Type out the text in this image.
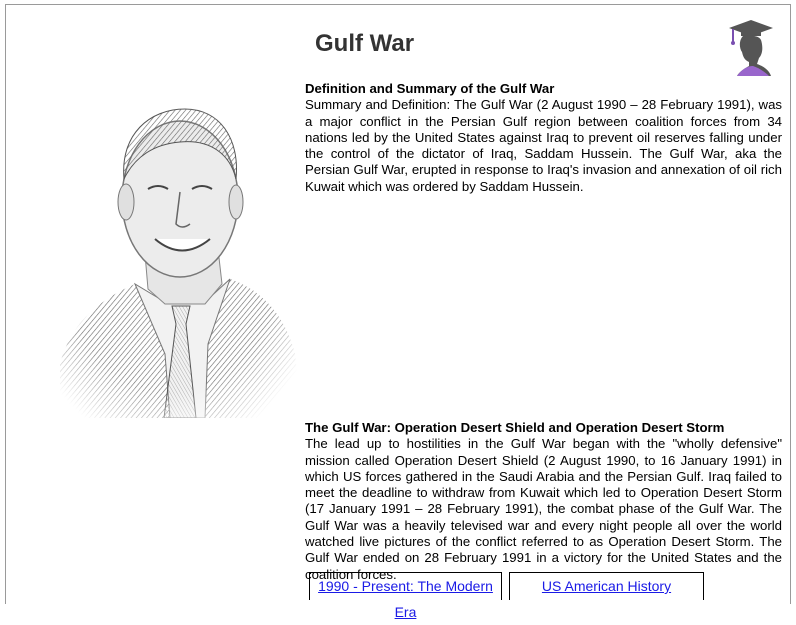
Gulf War
Definition and Summary of the Gulf War

Summary and Definition: The Gulf War (2 August 1990 – 28 February 1991), was a major conflict in the Persian Gulf region between coalition forces from 34 nations led by the United States against Iraq to prevent oil reserves falling under the control of the dictator of Iraq, Saddam Hussein. The Gulf War, aka the Persian Gulf War, erupted in response to Iraq's invasion and annexation of oil rich Kuwait which was ordered by Saddam Hussein.

The Gulf War: Operation Desert Shield and Operation Desert Storm

The lead up to hostilities in the Gulf War began with the "wholly defensive" mission called Operation Desert Shield (2 August 1990, to 16 January 1991) in which US forces gathered in the Saudi Arabia and the Persian Gulf. Iraq failed to meet the deadline to withdraw from Kuwait which led to Operation Desert Storm (17 January 1991 – 28 February 1991), the combat phase of the Gulf War. The Gulf War was a heavily televised war and every night people all over the world watched live pictures of the conflict referred to as Operation Desert Storm. The Gulf War ended on 28 February 1991 in a victory for the United States and the coalition forces.

1990 - Present: The Modern Era
US American History
